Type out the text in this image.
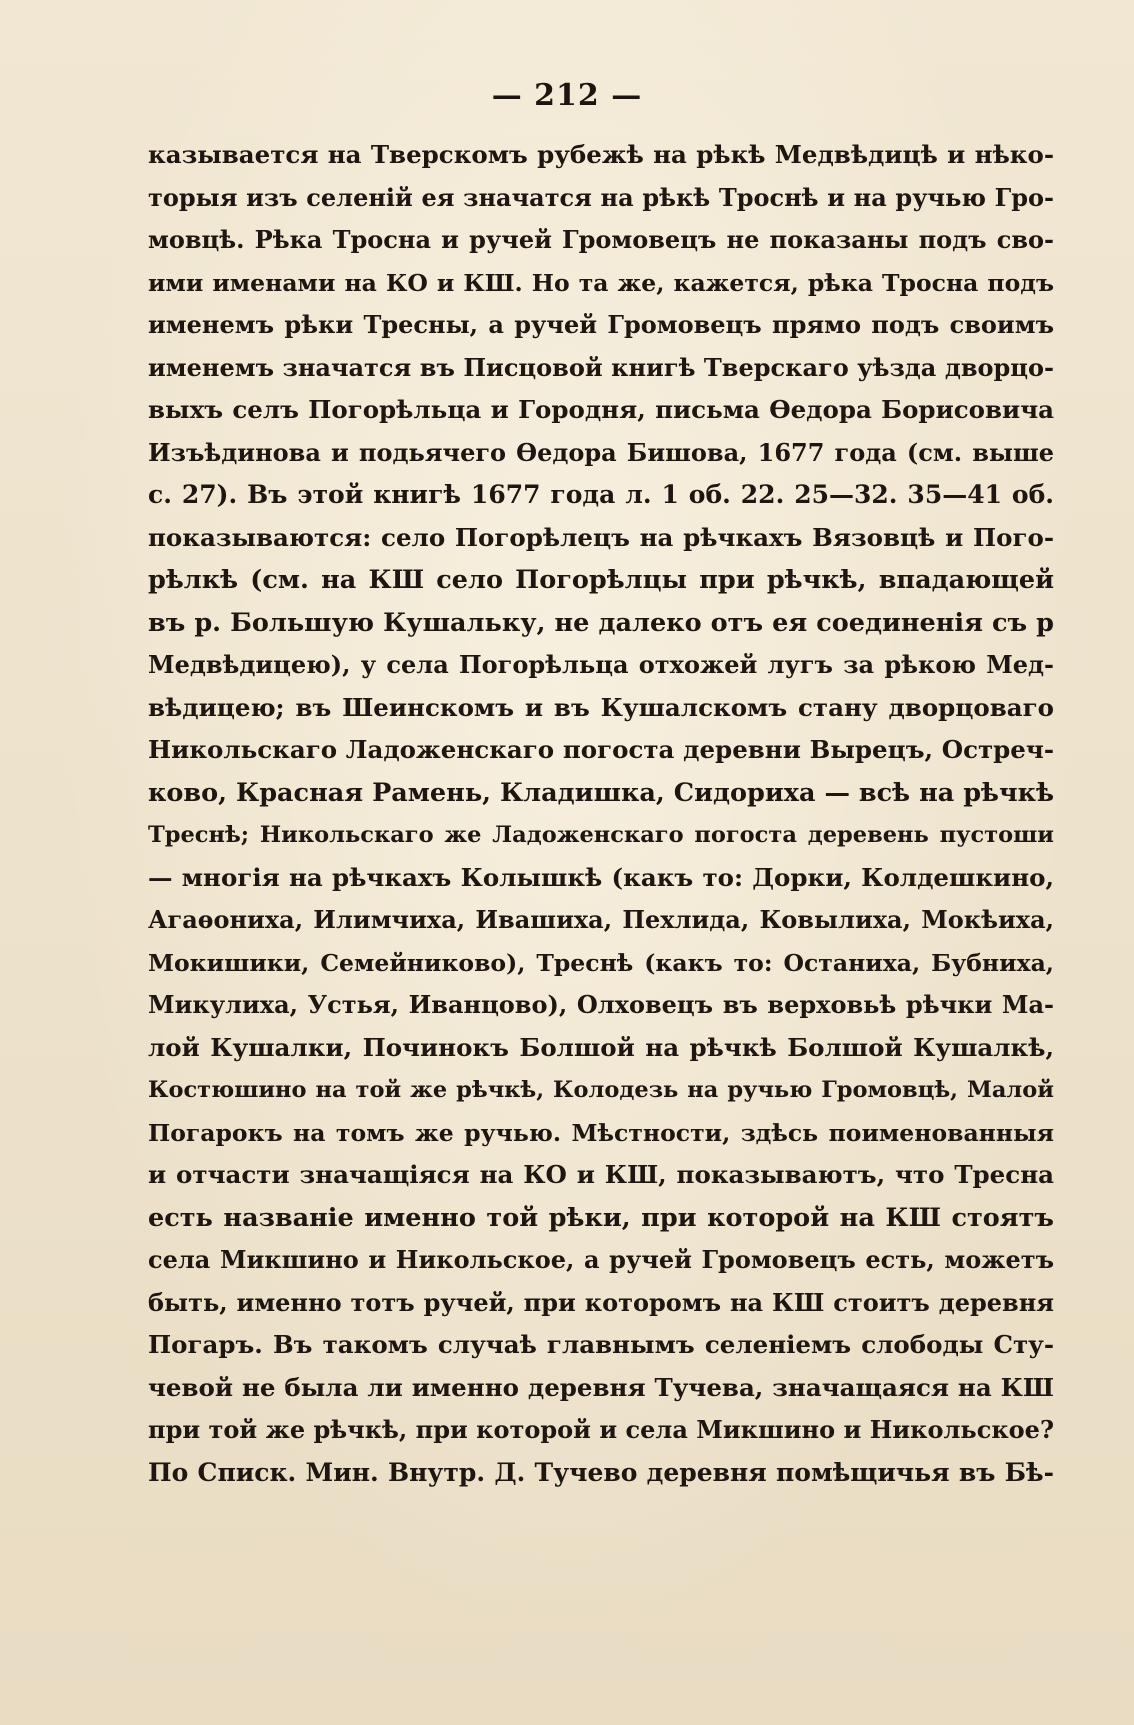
— 212 —
казывается на Тверскомъ рубежѣ на рѣкѣ Медвѣдицѣ и нѣко-
торыя изъ селенiй ея значатся на рѣкѣ Троснѣ и на ручью Гро-
мовцѣ. Рѣка Тросна и ручей Громовецъ не показаны подъ сво-
ими именами на КО и КШ. Но та же, кажется, рѣка Тросна подъ
именемъ рѣки Тресны, а ручей Громовецъ прямо подъ своимъ
именемъ значатся въ Писцовой книгѣ Тверскаго уѣзда дворцо-
выхъ селъ Погорѣльца и Городня, письма Ѳедора Борисовича
Изъѣдинова и подьячего Ѳедора Бишова, 1677 года (см. выше
с. 27). Въ этой книгѣ 1677 года л. 1 об. 22. 25—32. 35—41 об.
показываются: село Погорѣлецъ на рѣчкахъ Вязовцѣ и Пого-
рѣлкѣ (см. на КШ село Погорѣлцы при рѣчкѣ, впадающей
въ р. Большую Кушальку, не далеко отъ ея соединенiя съ р
Медвѣдицею), у села Погорѣльца отхожей лугъ за рѣкою Мед-
вѣдицею; въ Шеинскомъ и въ Кушалскомъ стану дворцоваго
Никольскаго Ладоженскаго погоста деревни Вырецъ, Остреч-
ково, Красная Рамень, Кладишка, Сидориха — всѣ на рѣчкѣ
Треснѣ; Никольскаго же Ладоженскаго погоста деревень пустоши
— многiя на рѣчкахъ Колышкѣ (какъ то: Дорки, Колдешкино,
Агаѳониха, Илимчиха, Ивашиха, Пехлида, Ковылиха, Мокѣиха,
Мокишики, Семейниково), Треснѣ (какъ то: Останиха, Бубниха,
Микулиха, Устья, Иванцово), Олховецъ въ верховьѣ рѣчки Ма-
лой Кушалки, Починокъ Болшой на рѣчкѣ Болшой Кушалкѣ,
Костюшино на той же рѣчкѣ, Колодезь на ручью Громовцѣ, Малой
Погарокъ на томъ же ручью. Мѣстности, здѣсь поименованныя
и отчасти значащiяся на КО и КШ, показываютъ, что Тресна
есть названiе именно той рѣки, при которой на КШ стоятъ
села Микшино и Никольское, а ручей Громовецъ есть, можетъ
быть, именно тотъ ручей, при которомъ на КШ стоитъ деревня
Погаръ. Въ такомъ случаѣ главнымъ селенiемъ слободы Сту-
чевой не была ли именно деревня Тучева, значащаяся на КШ
при той же рѣчкѣ, при которой и села Микшино и Никольское?
По Списк. Мин. Внутр. Д. Тучево деревня помѣщичья въ Бѣ-
